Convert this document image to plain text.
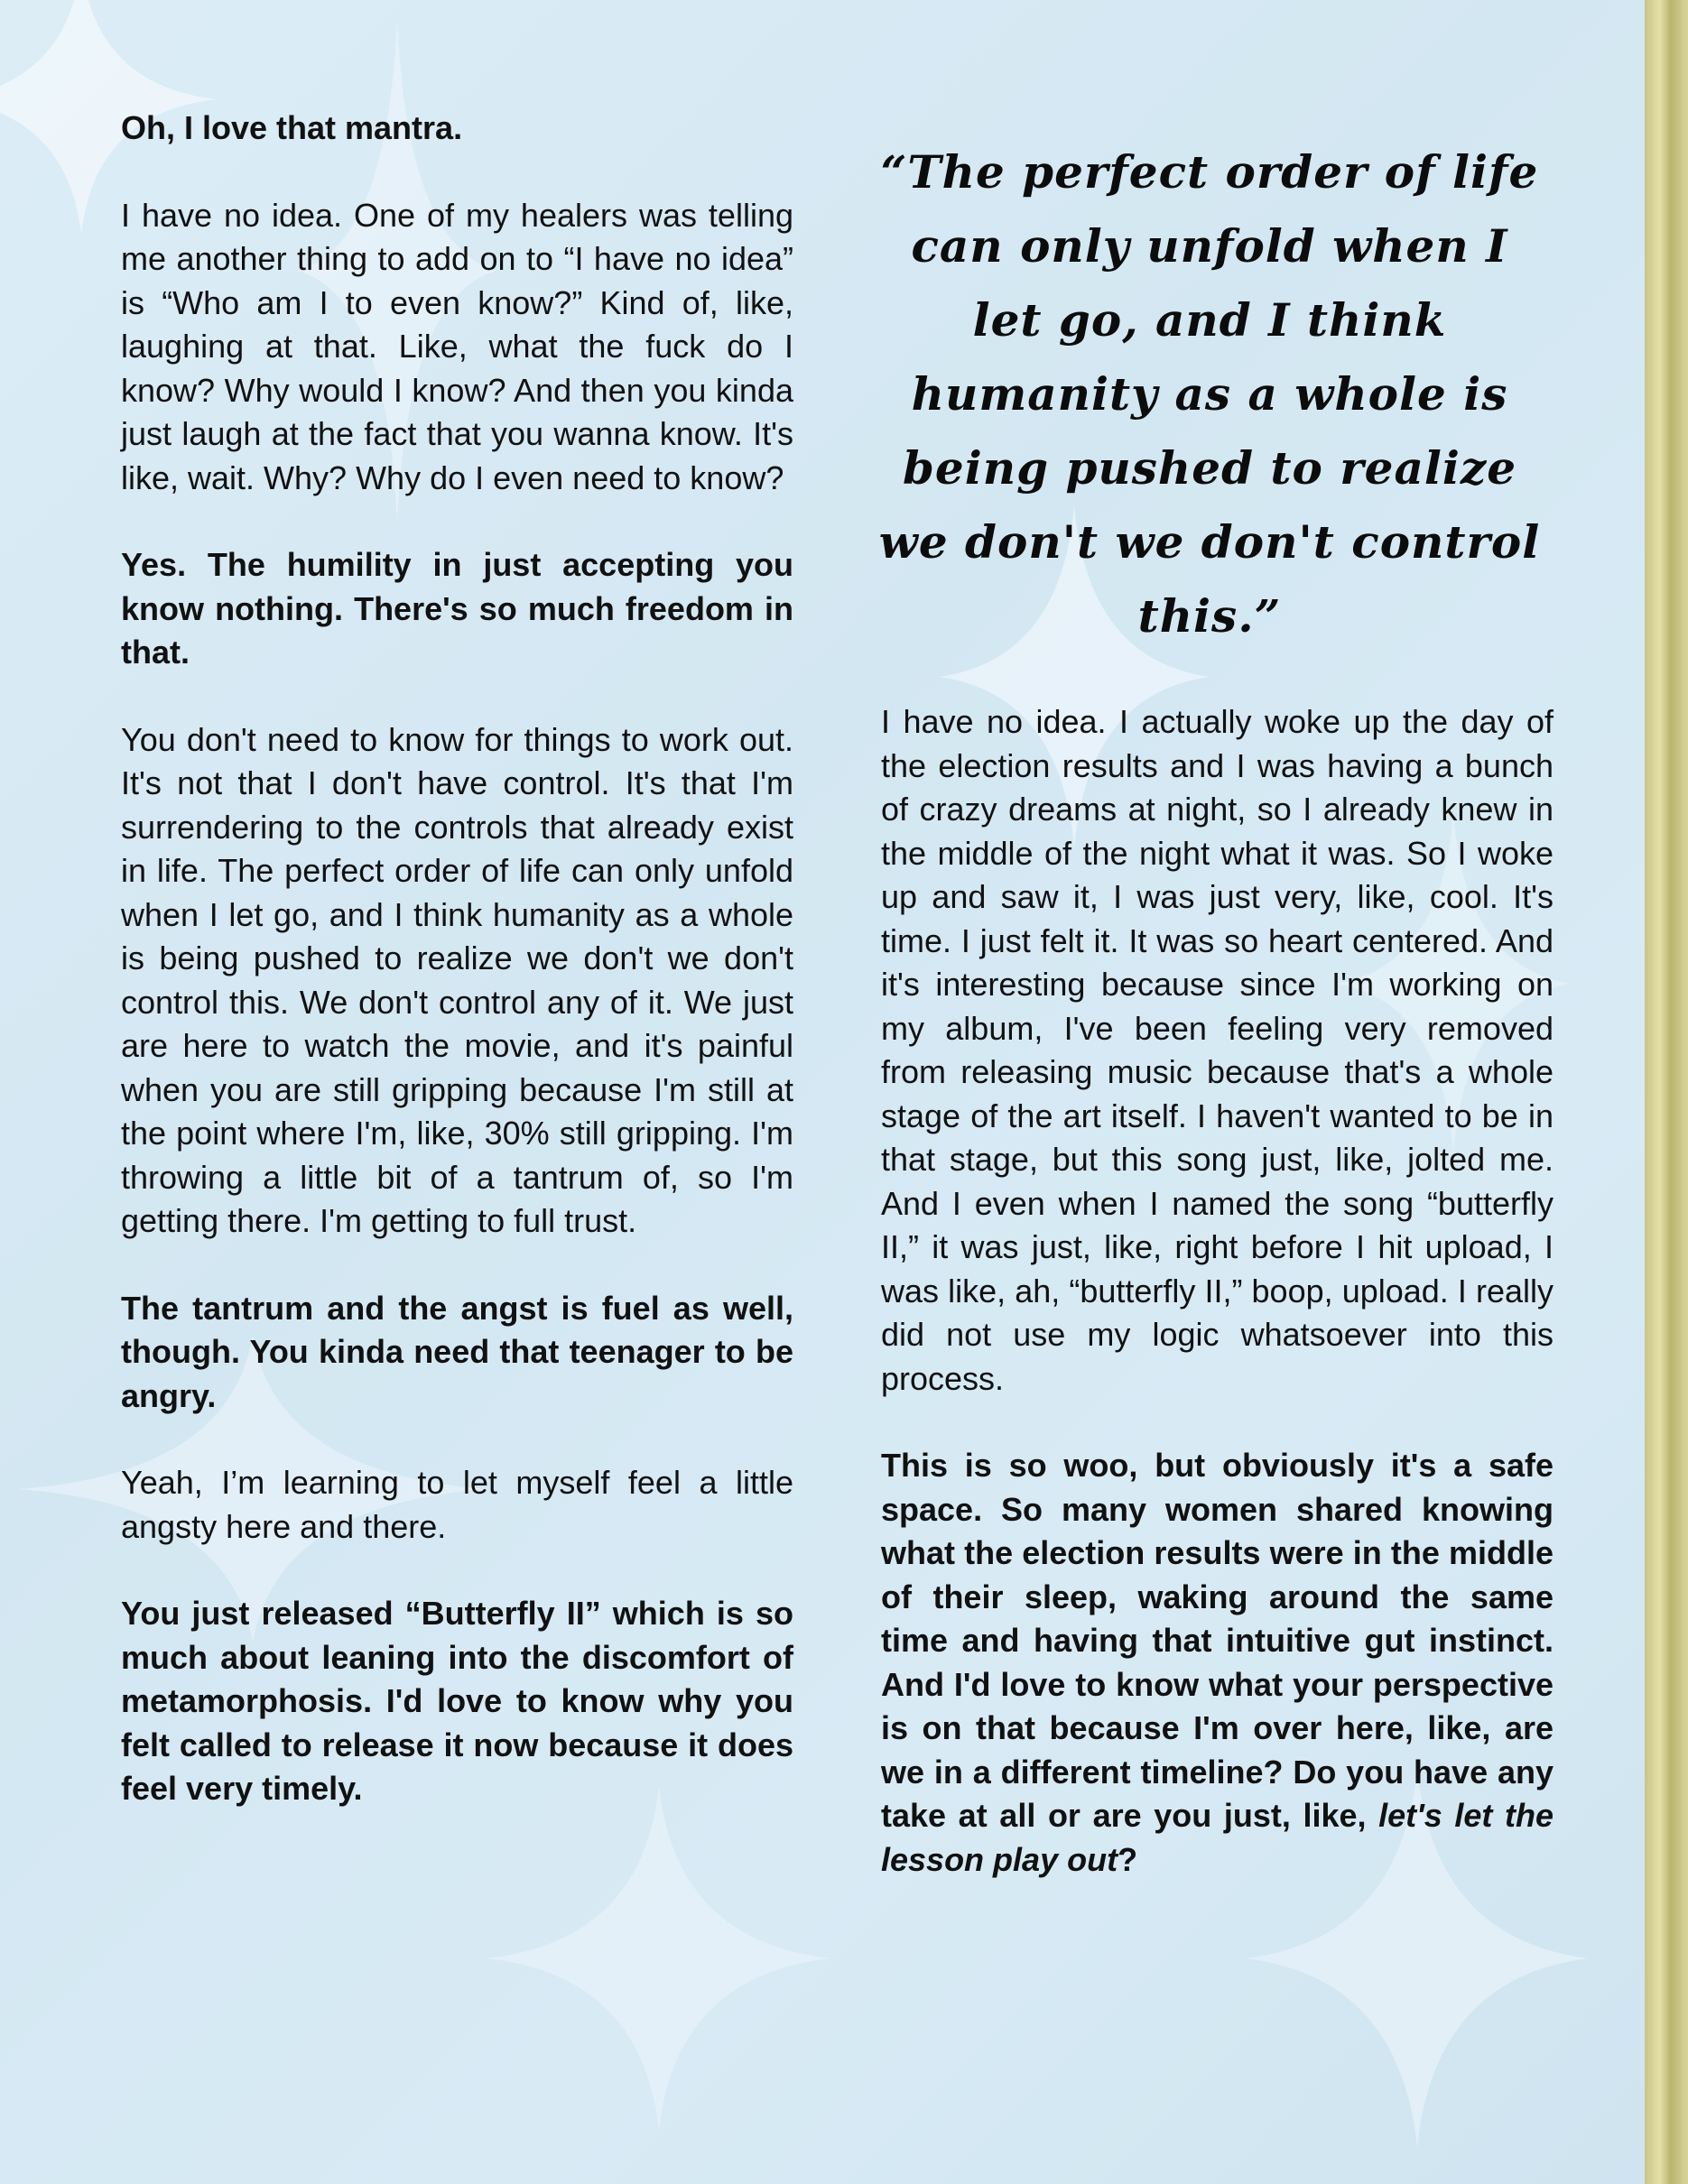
“The perfect order of life can only unfold when I let go, and I think humanity as a whole is being pushed to realize we don't we don't control this.”

Oh, I love that mantra.

I have no idea. One of my healers was telling me another thing to add on to “I have no idea” is “Who am I to even know?” Kind of, like, laughing at that. Like, what the fuck do I know? Why would I know? And then you kinda just laugh at the fact that you wanna know. It's like, wait. Why? Why do I even need to know?

Yes. The humility in just accepting you know nothing. There's so much freedom in that.

You don't need to know for things to work out. It's not that I don't have control. It's that I'm surrendering to the controls that already exist in life. The perfect order of life can only unfold when I let go, and I think humanity as a whole is being pushed to realize we don't we don't control this. We don't control any of it. We just are here to watch the movie, and it's painful when you are still gripping because I'm still at the point where I'm, like, 30% still gripping. I'm throwing a little bit of a tantrum of, so I'm getting there. I'm getting to full trust.

The tantrum and the angst is fuel as well, though. You kinda need that teenager to be angry.

Yeah, I’m learning to let myself feel a little angsty here and there.

You just released “Butterfly II” which is so much about leaning into the discomfort of metamorphosis. I'd love to know why you felt called to release it now because it does feel very timely.

I have no idea. I actually woke up the day of the election results and I was having a bunch of crazy dreams at night, so I already knew in the middle of the night what it was. So I woke up and saw it, I was just very, like, cool. It's time. I just felt it. It was so heart centered. And it's interesting because since I'm working on my album, I've been feeling very removed from releasing music because that's a whole stage of the art itself. I haven't wanted to be in that stage, but this song just, like, jolted me. And I even when I named the song “butterfly II,” it was just, like, right before I hit upload, I was like, ah, “butterfly II,” boop, upload. I really did not use my logic whatsoever into this process.

This is so woo, but obviously it's a safe space. So many women shared knowing what the election results were in the middle of their sleep, waking around the same time and having that intuitive gut instinct. And I'd love to know what your perspective is on that because I'm over here, like, are we in a different timeline? Do you have any take at all or are you just, like, let's let the lesson play out?
